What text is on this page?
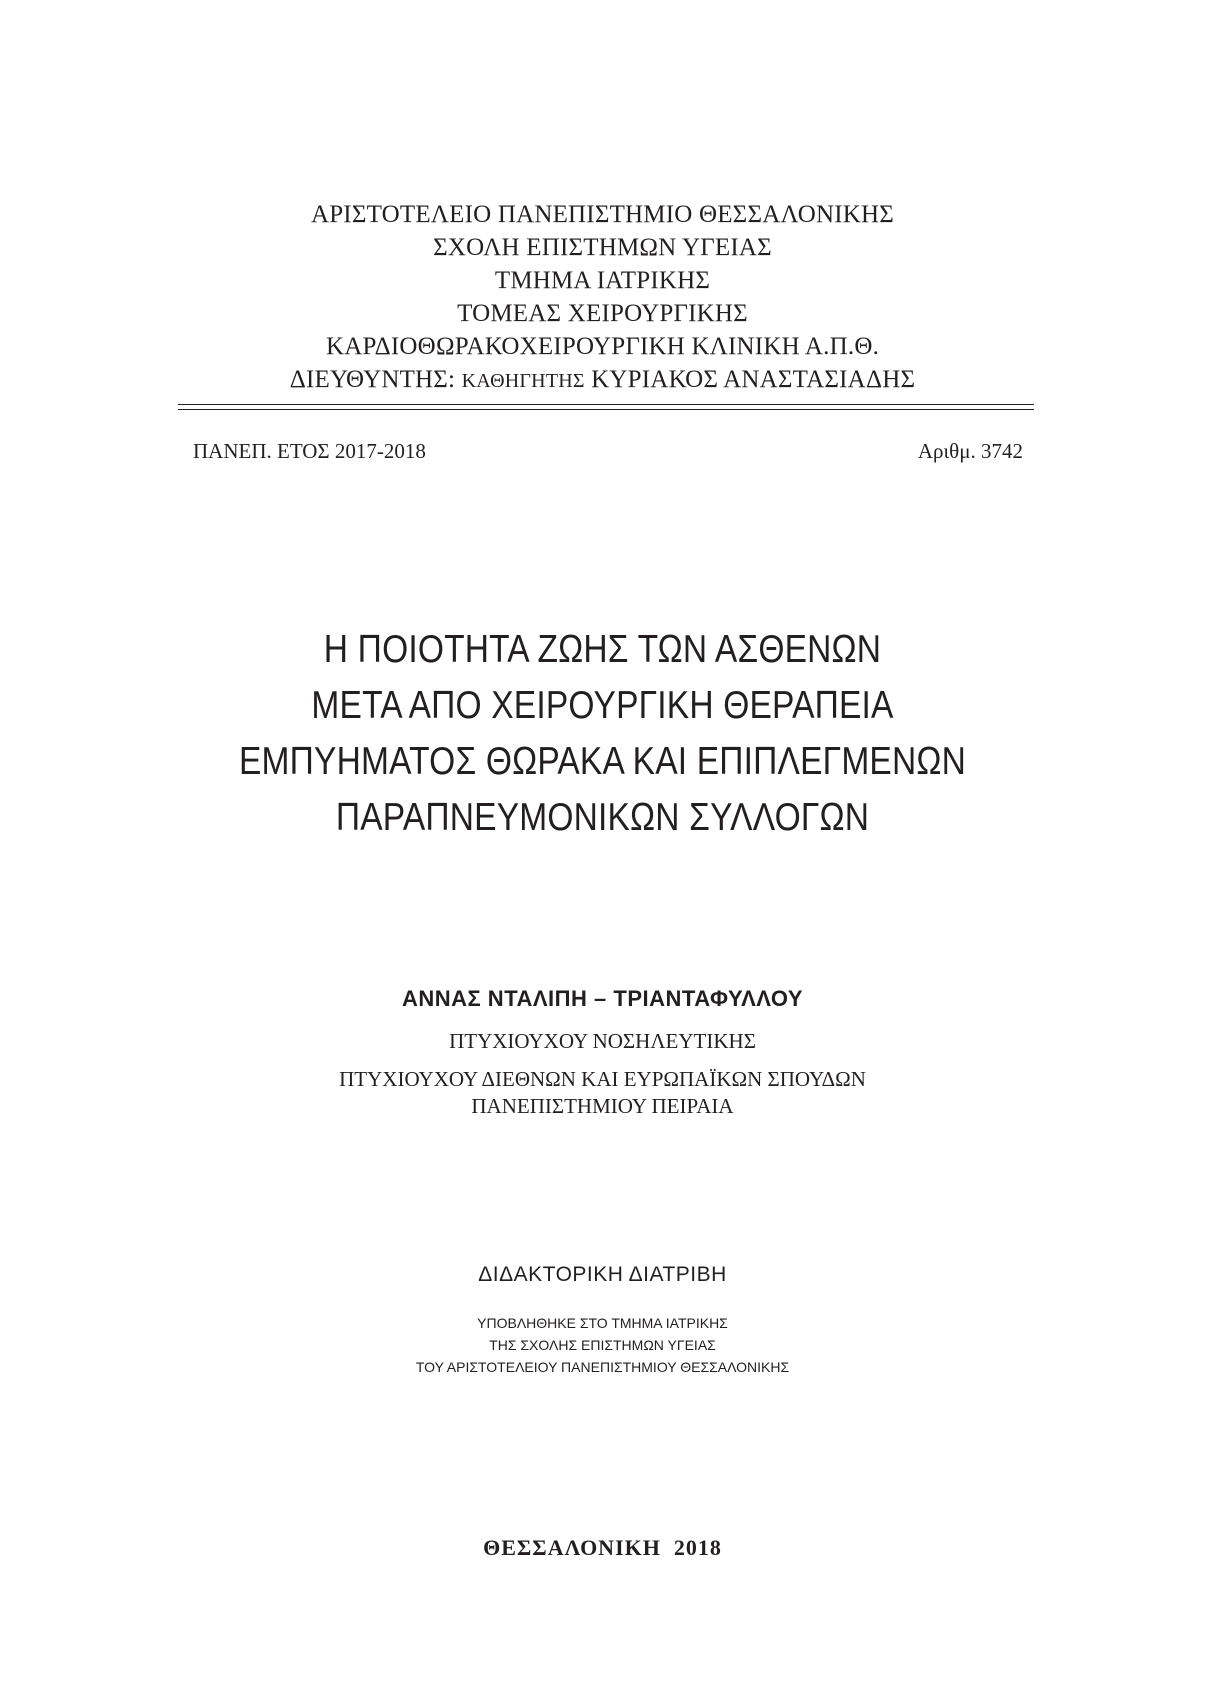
ΑΡΙΣΤΟΤΕΛΕΙΟ ΠΑΝΕΠΙΣΤΗΜΙΟ ΘΕΣΣΑΛΟΝΙΚΗΣ
ΣΧΟΛΗ ΕΠΙΣΤΗΜΩΝ ΥΓΕΙΑΣ
ΤΜΗΜΑ ΙΑΤΡΙΚΗΣ
ΤΟΜΕΑΣ ΧΕΙΡΟΥΡΓΙΚΗΣ
ΚΑΡΔΙΟΘΩΡΑΚΟΧΕΙΡΟΥΡΓΙΚΗ ΚΛΙΝΙΚΗ Α.Π.Θ.
ΔΙΕΥΘΥΝΤΗΣ: ΚΑΘΗΓΗΤΗΣ ΚΥΡΙΑΚΟΣ ΑΝΑΣΤΑΣΙΑΔΗΣ
ΠΑΝΕΠ. ΕΤΟΣ 2017-2018	Αριθμ. 3742
Η ΠΟΙΟΤΗΤΑ ΖΩΗΣ ΤΩΝ ΑΣΘΕΝΩΝ
ΜΕΤΑ ΑΠΟ ΧΕΙΡΟΥΡΓΙΚΗ ΘΕΡΑΠΕΙΑ
ΕΜΠΥΗΜΑΤΟΣ ΘΩΡΑΚΑ ΚΑΙ ΕΠΙΠΛΕΓΜΕΝΩΝ
ΠΑΡΑΠΝΕΥΜΟΝΙΚΩΝ ΣΥΛΛΟΓΩΝ
ΑΝΝΑΣ ΝΤΑΛΙΠΗ – ΤΡΙΑΝΤΑΦΥΛΛΟΥ
ΠΤΥΧΙΟΥΧΟΥ ΝΟΣΗΛΕΥΤΙΚΗΣ
ΠΤΥΧΙΟΥΧΟΥ ΔΙΕΘΝΩΝ ΚΑΙ ΕΥΡΩΠΑΪΚΩΝ ΣΠΟΥΔΩΝ
ΠΑΝΕΠΙΣΤΗΜΙΟΥ ΠΕΙΡΑΙΑ
ΔΙΔΑΚΤΟΡΙΚΗ ΔΙΑΤΡΙΒΗ
ΥΠΟΒΛΗΘΗΚΕ ΣΤΟ ΤΜΗΜΑ ΙΑΤΡΙΚΗΣ
ΤΗΣ ΣΧΟΛΗΣ ΕΠΙΣΤΗΜΩΝ ΥΓΕΙΑΣ
ΤΟΥ ΑΡΙΣΤΟΤΕΛΕΙΟΥ ΠΑΝΕΠΙΣΤΗΜΙΟΥ ΘΕΣΣΑΛΟΝΙΚΗΣ
ΘΕΣΣΑΛΟΝΙΚΗ  2018
